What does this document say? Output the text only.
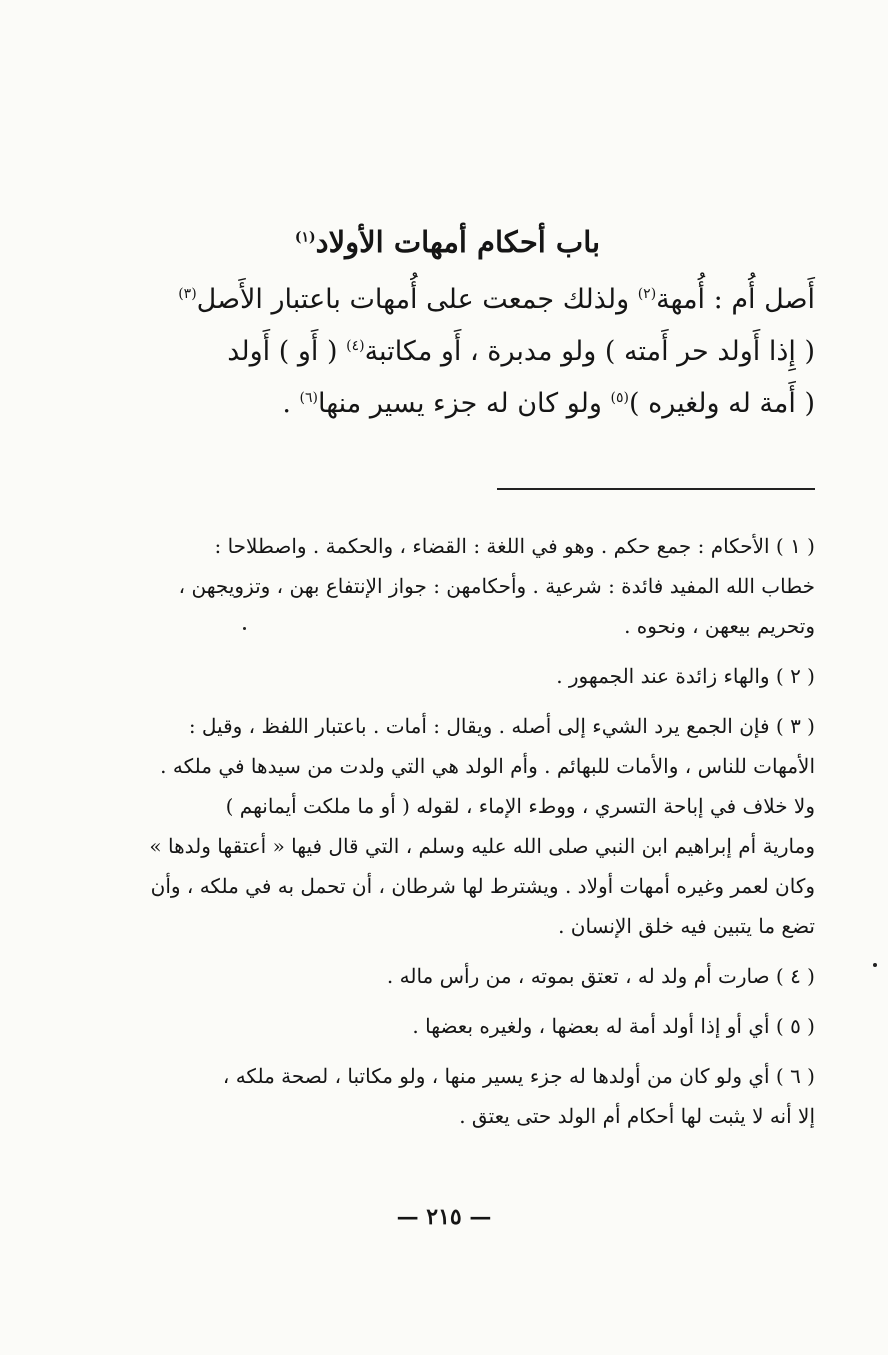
باب أحكام أمهات الأولاد$^{(١)}$
أَصل أُم : أُمهة$^{(٢)}$ ولذلك جمعت على أُمهات باعتبار الأَصل$^{(٣)}$
( إِذا أَولد حر أَمته ) ولو مدبرة ، أَو مكاتبة$^{(٤)}$ ( أَو ) أَولد
( أَمة له ولغيره )$^{(٥)}$ ولو كان له جزء يسير منها$^{(٦)}$ .
( ١ ) الأحكام : جمع حكم . وهو في اللغة : القضاء ، والحكمة . واصطلاحا :
خطاب الله المفيد فائدة : شرعية . وأحكامهن : جواز الإنتفاع بهن ، وتزويجهن ،
وتحريم بيعهن ، ونحوه .
( ٢ ) والهاء زائدة عند الجمهور .
( ٣ ) فإن الجمع يرد الشيء إلى أصله . ويقال : أمات . باعتبار اللفظ ، وقيل :
الأمهات للناس ، والأمات للبهائم . وأم الولد هي التي ولدت من سيدها في ملكه .
ولا خلاف في إباحة التسري ، ووطء الإماء ، لقوله ( أو ما ملكت أيمانهم )
ومارية أم إبراهيم ابن النبي صلى الله عليه وسلم ، التي قال فيها « أعتقها ولدها »
وكان لعمر وغيره أمهات أولاد . ويشترط لها شرطان ، أن تحمل به في ملكه ، وأن
تضع ما يتبين فيه خلق الإنسان .
( ٤ ) صارت أم ولد له ، تعتق بموته ، من رأس ماله .
( ٥ ) أي أو إذا أولد أمة له بعضها ، ولغيره بعضها .
( ٦ ) أي ولو كان من أولدها له جزء يسير منها ، ولو مكاتبا ، لصحة ملكه ،
إلا أنه لا يثبت لها أحكام أم الولد حتى يعتق .
— ٢١٥ —
